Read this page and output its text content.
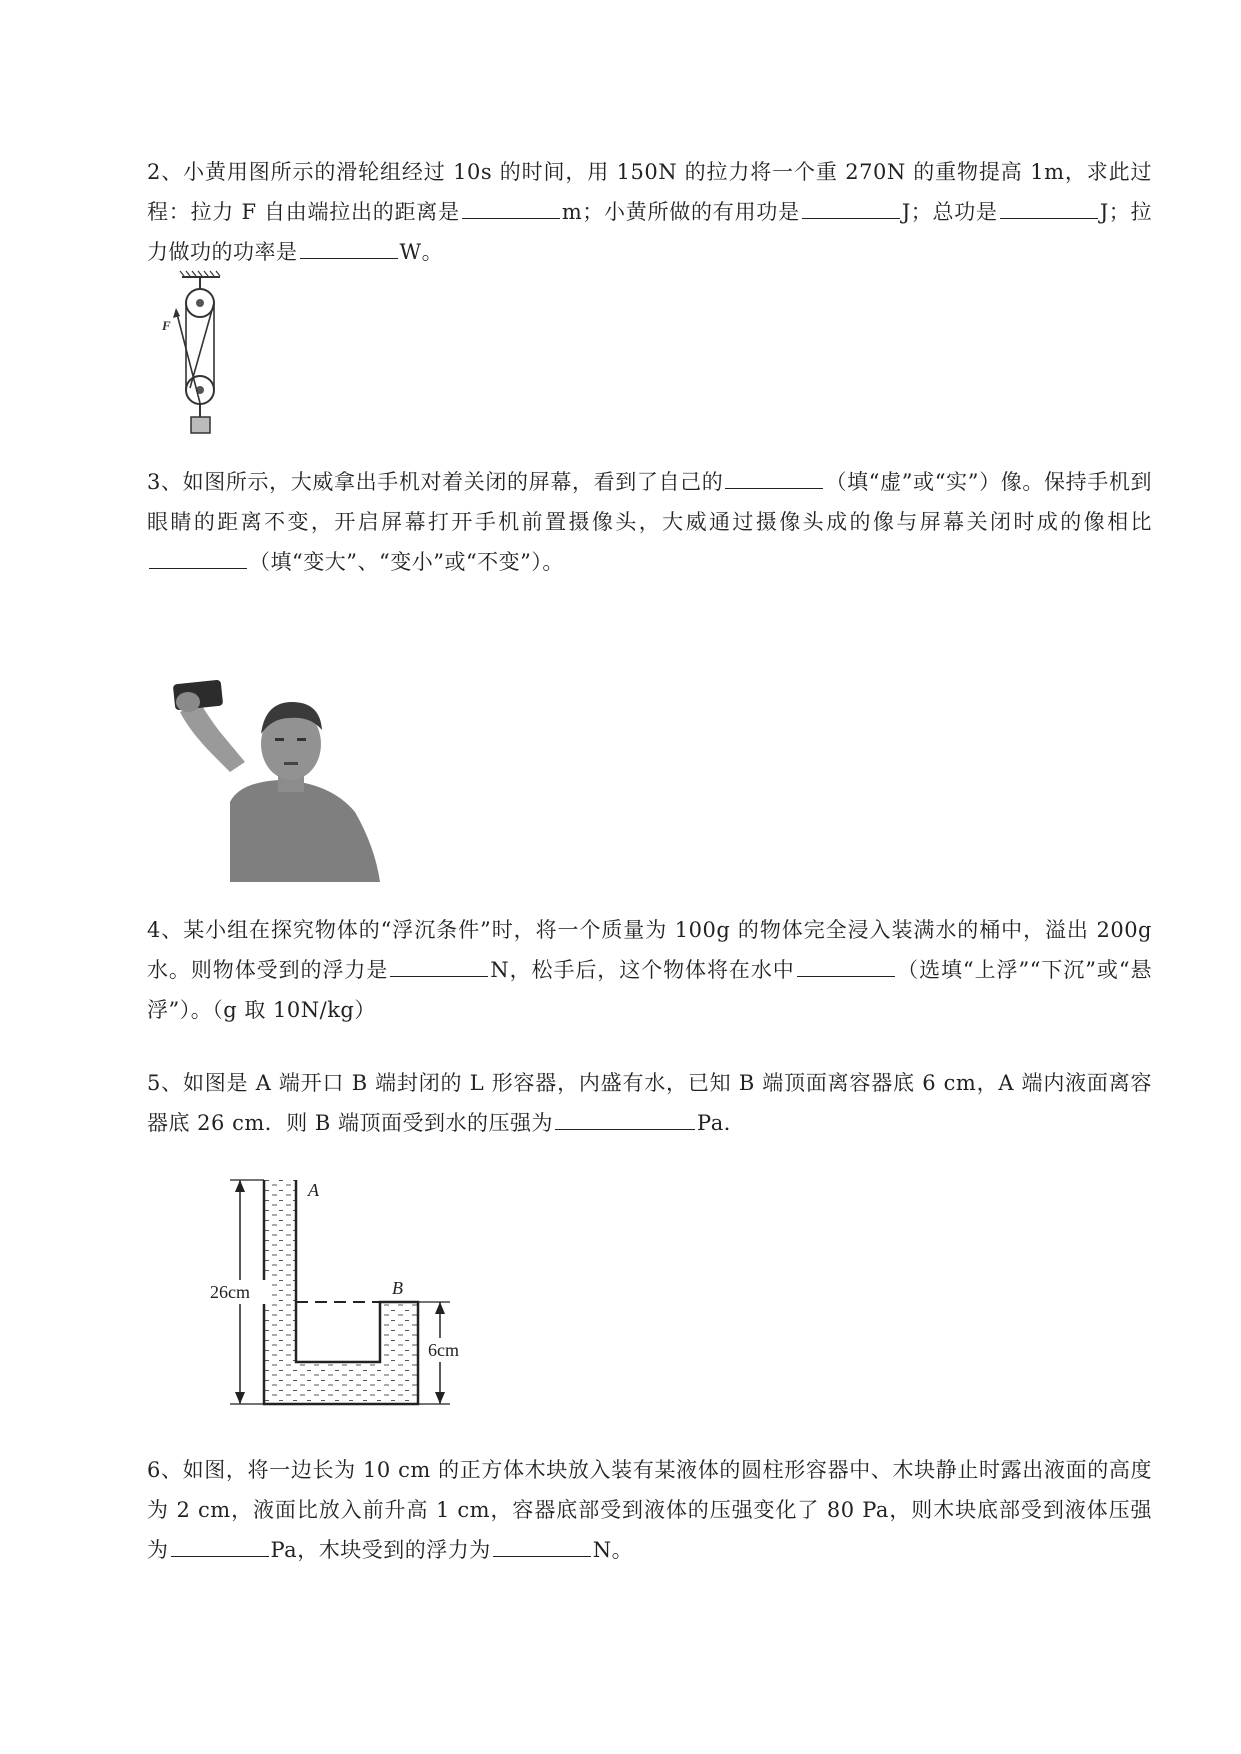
2、小黄用图所示的滑轮组经过 10s 的时间，用 150N 的拉力将一个重 270N 的重物提高 1m，求此过程：拉力 F 自由端拉出的距离是	m；小黄所做的有用功是	J；总功是	J；拉力做功的功率是	W。
F
3、如图所示，大威拿出手机对着关闭的屏幕，看到了自己的	（填“虚”或“实”）像。保持手机到眼睛的距离不变，开启屏幕打开手机前置摄像头，大威通过摄像头成的像与屏幕关闭时成的像相比（填“变大”、“变小”或“不变”）。
4、某小组在探究物体的“浮沉条件”时，将一个质量为 100g 的物体完全浸入装满水的桶中，溢出 200g 水。则物体受到的浮力是	N，松手后，这个物体将在水中	（选填“上浮”“下沉”或“悬浮”）。（g 取 10N/kg）
5、如图是 A 端开口 B 端封闭的 L 形容器，内盛有水，已知 B 端顶面离容器底 6 cm，A 端内液面离容器底 26 cm．则 B 端顶面受到水的压强为	Pa．
26cm
6cm
A
B
6、如图，将一边长为 10 cm 的正方体木块放入装有某液体的圆柱形容器中、木块静止时露出液面的高度为 2 cm，液面比放入前升高 1 cm，容器底部受到液体的压强变化了 80 Pa，则木块底部受到液体压强为	Pa，木块受到的浮力为	N。
